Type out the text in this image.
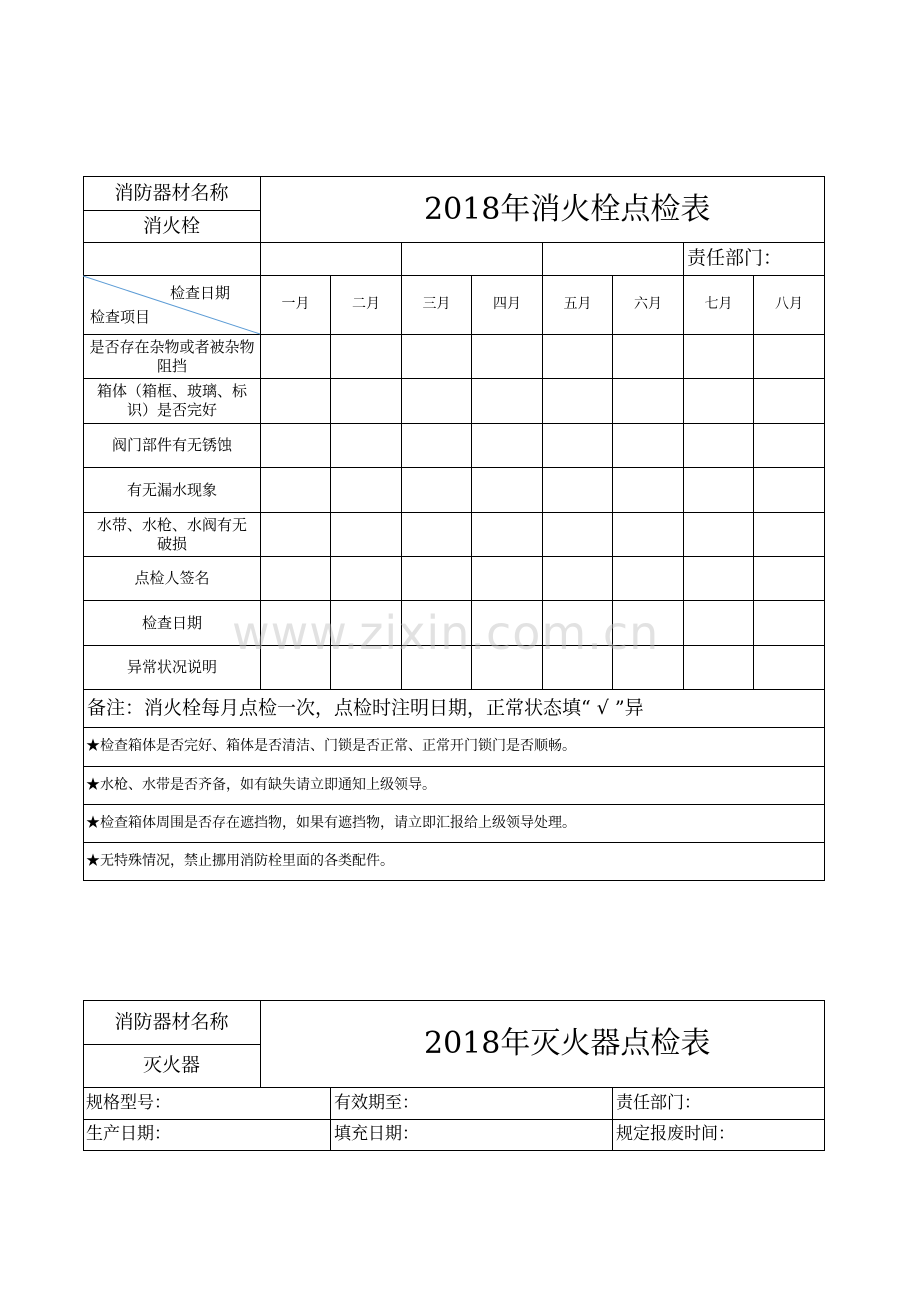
消防器材名称
消火栓	2018年消火栓点检表
责任部门：
检查日期
检查项目
一月	二月	三月	四月	五月	六月	七月	八月
是否存在杂物或者被杂物阻挡
箱体（箱框、玻璃、标识）是否完好
阀门部件有无锈蚀
有无漏水现象
水带、水枪、水阀有无破损
点检人签名
检查日期
异常状况说明
备注：消火栓每月点检一次，点检时注明日期，正常状态填“ √ ”异
★检查箱体是否完好、箱体是否清洁、门锁是否正常、正常开门锁门是否顺畅。
★水枪、水带是否齐备，如有缺失请立即通知上级领导。
★检查箱体周围是否存在遮挡物，如果有遮挡物，请立即汇报给上级领导处理。
★无特殊情况，禁止挪用消防栓里面的各类配件。
www.zixin.com.cn
消防器材名称
灭火器
2018年灭火器点检表
规格型号：	有效期至：	责任部门：
生产日期：	填充日期：	规定报废时间：
